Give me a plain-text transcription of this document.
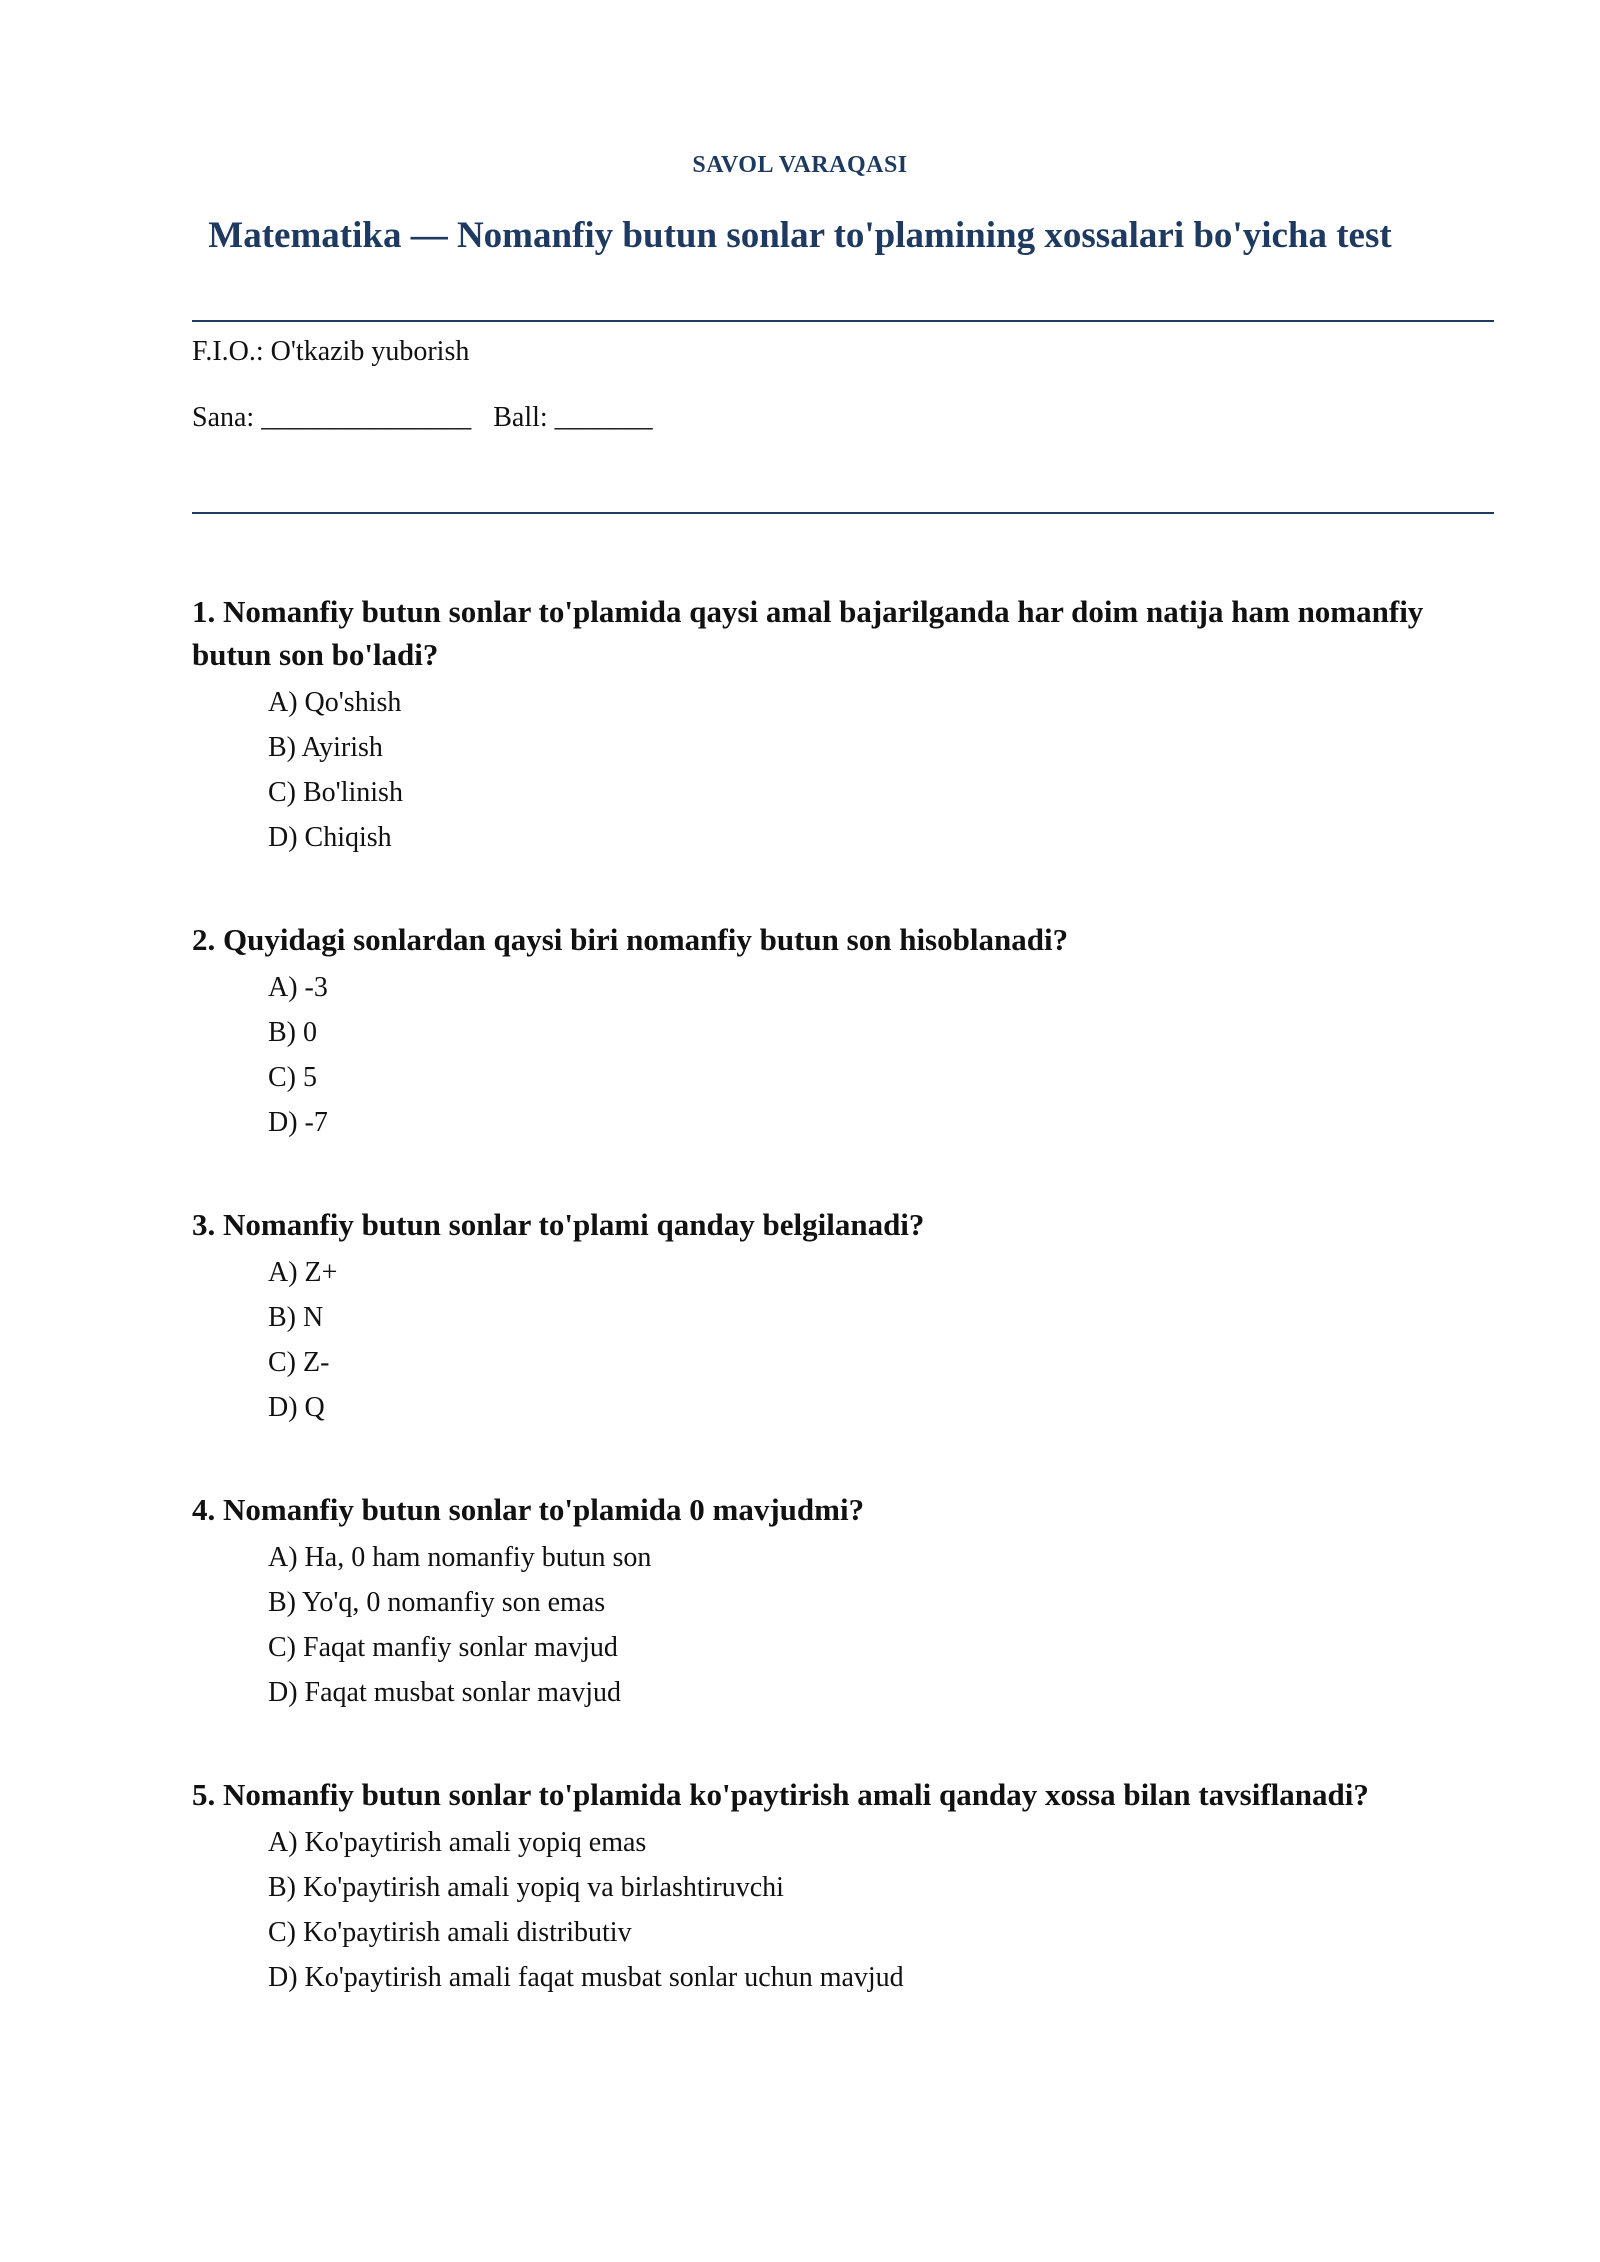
SAVOL VARAQASI
Matematika — Nomanfiy butun sonlar to'plamining xossalari bo'yicha test
F.I.O.: O'tkazib yuborish
Sana: _______________ Ball: _______

1. Nomanfiy butun sonlar to'plamida qaysi amal bajarilganda har doim natija ham nomanfiy butun son bo'ladi?

A) Qo'shish
B) Ayirish
C) Bo'linish
D) Chiqish

2. Quyidagi sonlardan qaysi biri nomanfiy butun son hisoblanadi?

A) -3
B) 0
C) 5
D) -7

3. Nomanfiy butun sonlar to'plami qanday belgilanadi?

A) Z+
B) N
C) Z-
D) Q

4. Nomanfiy butun sonlar to'plamida 0 mavjudmi?

A) Ha, 0 ham nomanfiy butun son
B) Yo'q, 0 nomanfiy son emas
C) Faqat manfiy sonlar mavjud
D) Faqat musbat sonlar mavjud

5. Nomanfiy butun sonlar to'plamida ko'paytirish amali qanday xossa bilan tavsiflanadi?

A) Ko'paytirish amali yopiq emas
B) Ko'paytirish amali yopiq va birlashtiruvchi
C) Ko'paytirish amali distributiv
D) Ko'paytirish amali faqat musbat sonlar uchun mavjud
